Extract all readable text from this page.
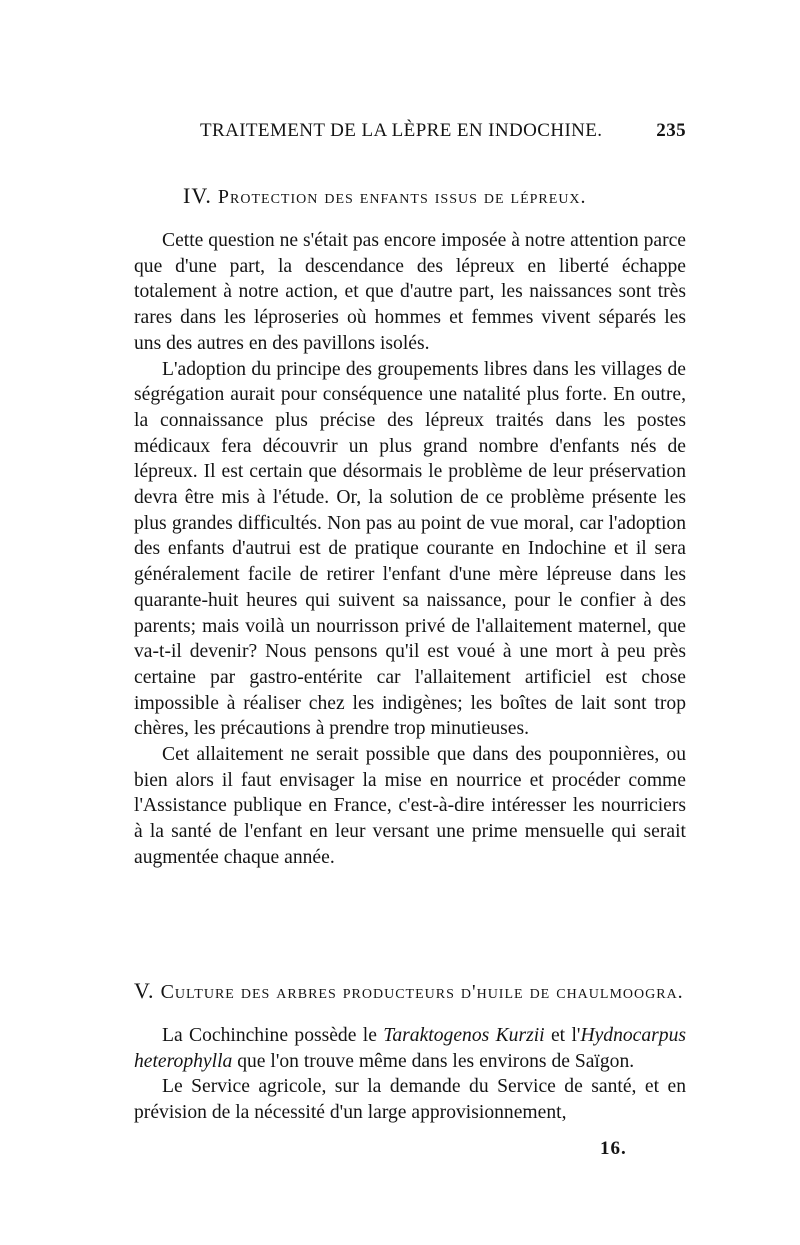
TRAITEMENT DE LA LÈPRE EN INDOCHINE.	235
IV. Protection des enfants issus de lépreux.

Cette question ne s'était pas encore imposée à notre attention parce que d'une part, la descendance des lépreux en liberté échappe totalement à notre action, et que d'autre part, les naissances sont très rares dans les léproseries où hommes et femmes vivent séparés les uns des autres en des pavillons isolés.

L'adoption du principe des groupements libres dans les villages de ségrégation aurait pour conséquence une natalité plus forte. En outre, la connaissance plus précise des lépreux traités dans les postes médicaux fera découvrir un plus grand nombre d'enfants nés de lépreux. Il est certain que désormais le problème de leur préservation devra être mis à l'étude. Or, la solution de ce problème présente les plus grandes difficultés. Non pas au point de vue moral, car l'adoption des enfants d'autrui est de pratique courante en Indochine et il sera généralement facile de retirer l'enfant d'une mère lépreuse dans les quarante-huit heures qui suivent sa naissance, pour le confier à des parents; mais voilà un nourrisson privé de l'allaitement maternel, que va-t-il devenir? Nous pensons qu'il est voué à une mort à peu près certaine par gastro-entérite car l'allaitement artificiel est chose impossible à réaliser chez les indigènes; les boîtes de lait sont trop chères, les précautions à prendre trop minutieuses.

Cet allaitement ne serait possible que dans des pouponnières, ou bien alors il faut envisager la mise en nourrice et procéder comme l'Assistance publique en France, c'est-à-dire intéresser les nourriciers à la santé de l'enfant en leur versant une prime mensuelle qui serait augmentée chaque année.

V. Culture des arbres producteurs d'huile de chaulmoogra.

La Cochinchine possède le Taraktogenos Kurzii et l'Hydnocarpus heterophylla que l'on trouve même dans les environs de Saïgon.

Le Service agricole, sur la demande du Service de santé, et en prévision de la nécessité d'un large approvisionnement,

16.
